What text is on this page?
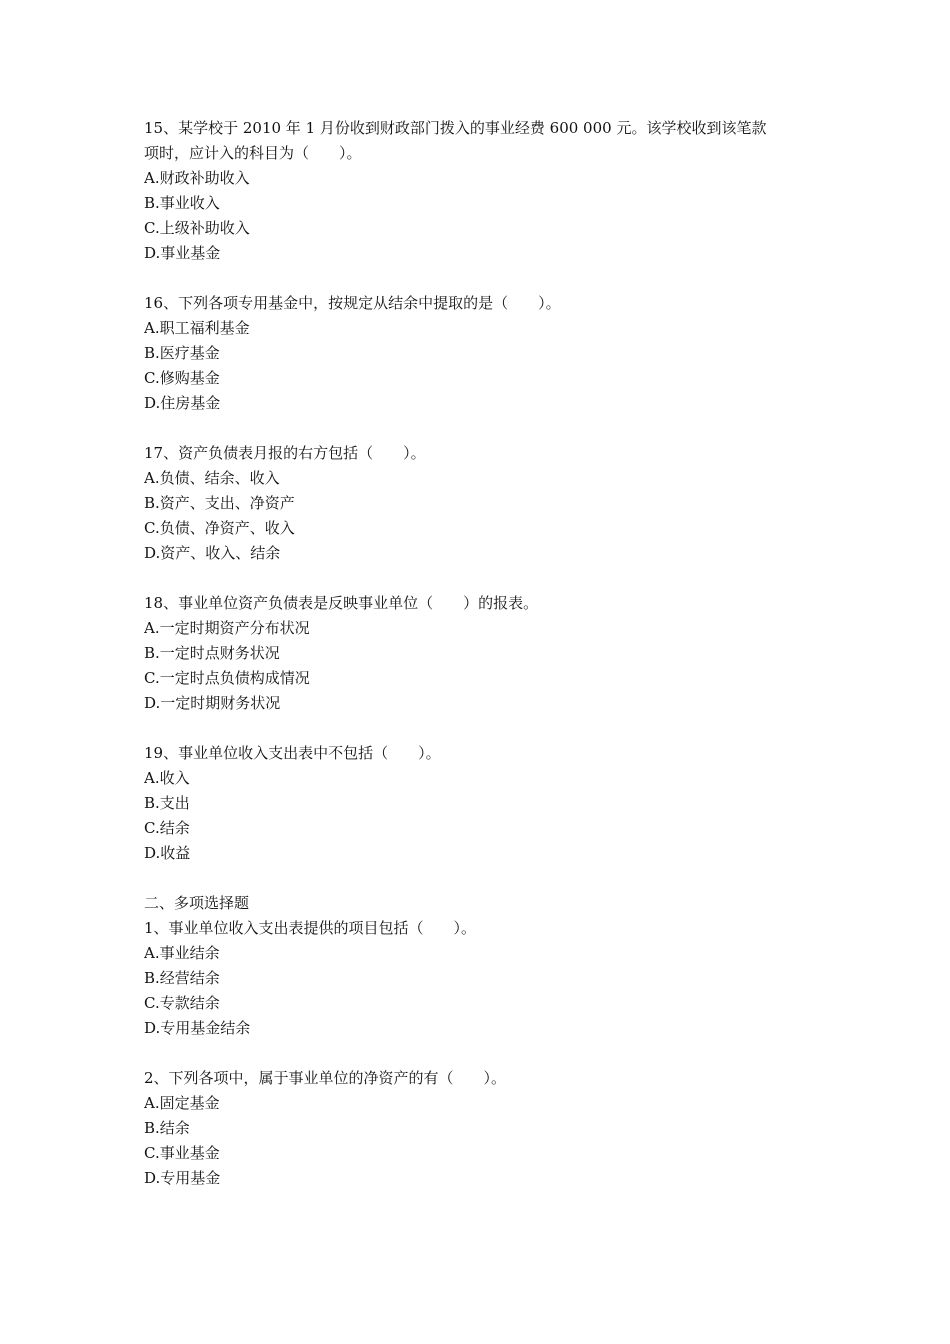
15、某学校于 2010 年 1 月份收到财政部门拨入的事业经费 600 000 元。该学校收到该笔款
项时，应计入的科目为（　　）。
A.财政补助收入
B.事业收入
C.上级补助收入
D.事业基金
16、下列各项专用基金中，按规定从结余中提取的是（　　）。
A.职工福利基金
B.医疗基金
C.修购基金
D.住房基金
17、资产负债表月报的右方包括（　　）。
A.负债、结余、收入
B.资产、支出、净资产
C.负债、净资产、收入
D.资产、收入、结余
18、事业单位资产负债表是反映事业单位（　　）的报表。
A.一定时期资产分布状况
B.一定时点财务状况
C.一定时点负债构成情况
D.一定时期财务状况
19、事业单位收入支出表中不包括（　　）。
A.收入
B.支出
C.结余
D.收益
二、多项选择题
1、事业单位收入支出表提供的项目包括（　　）。
A.事业结余
B.经营结余
C.专款结余
D.专用基金结余
2、下列各项中，属于事业单位的净资产的有（　　）。
A.固定基金
B.结余
C.事业基金
D.专用基金
